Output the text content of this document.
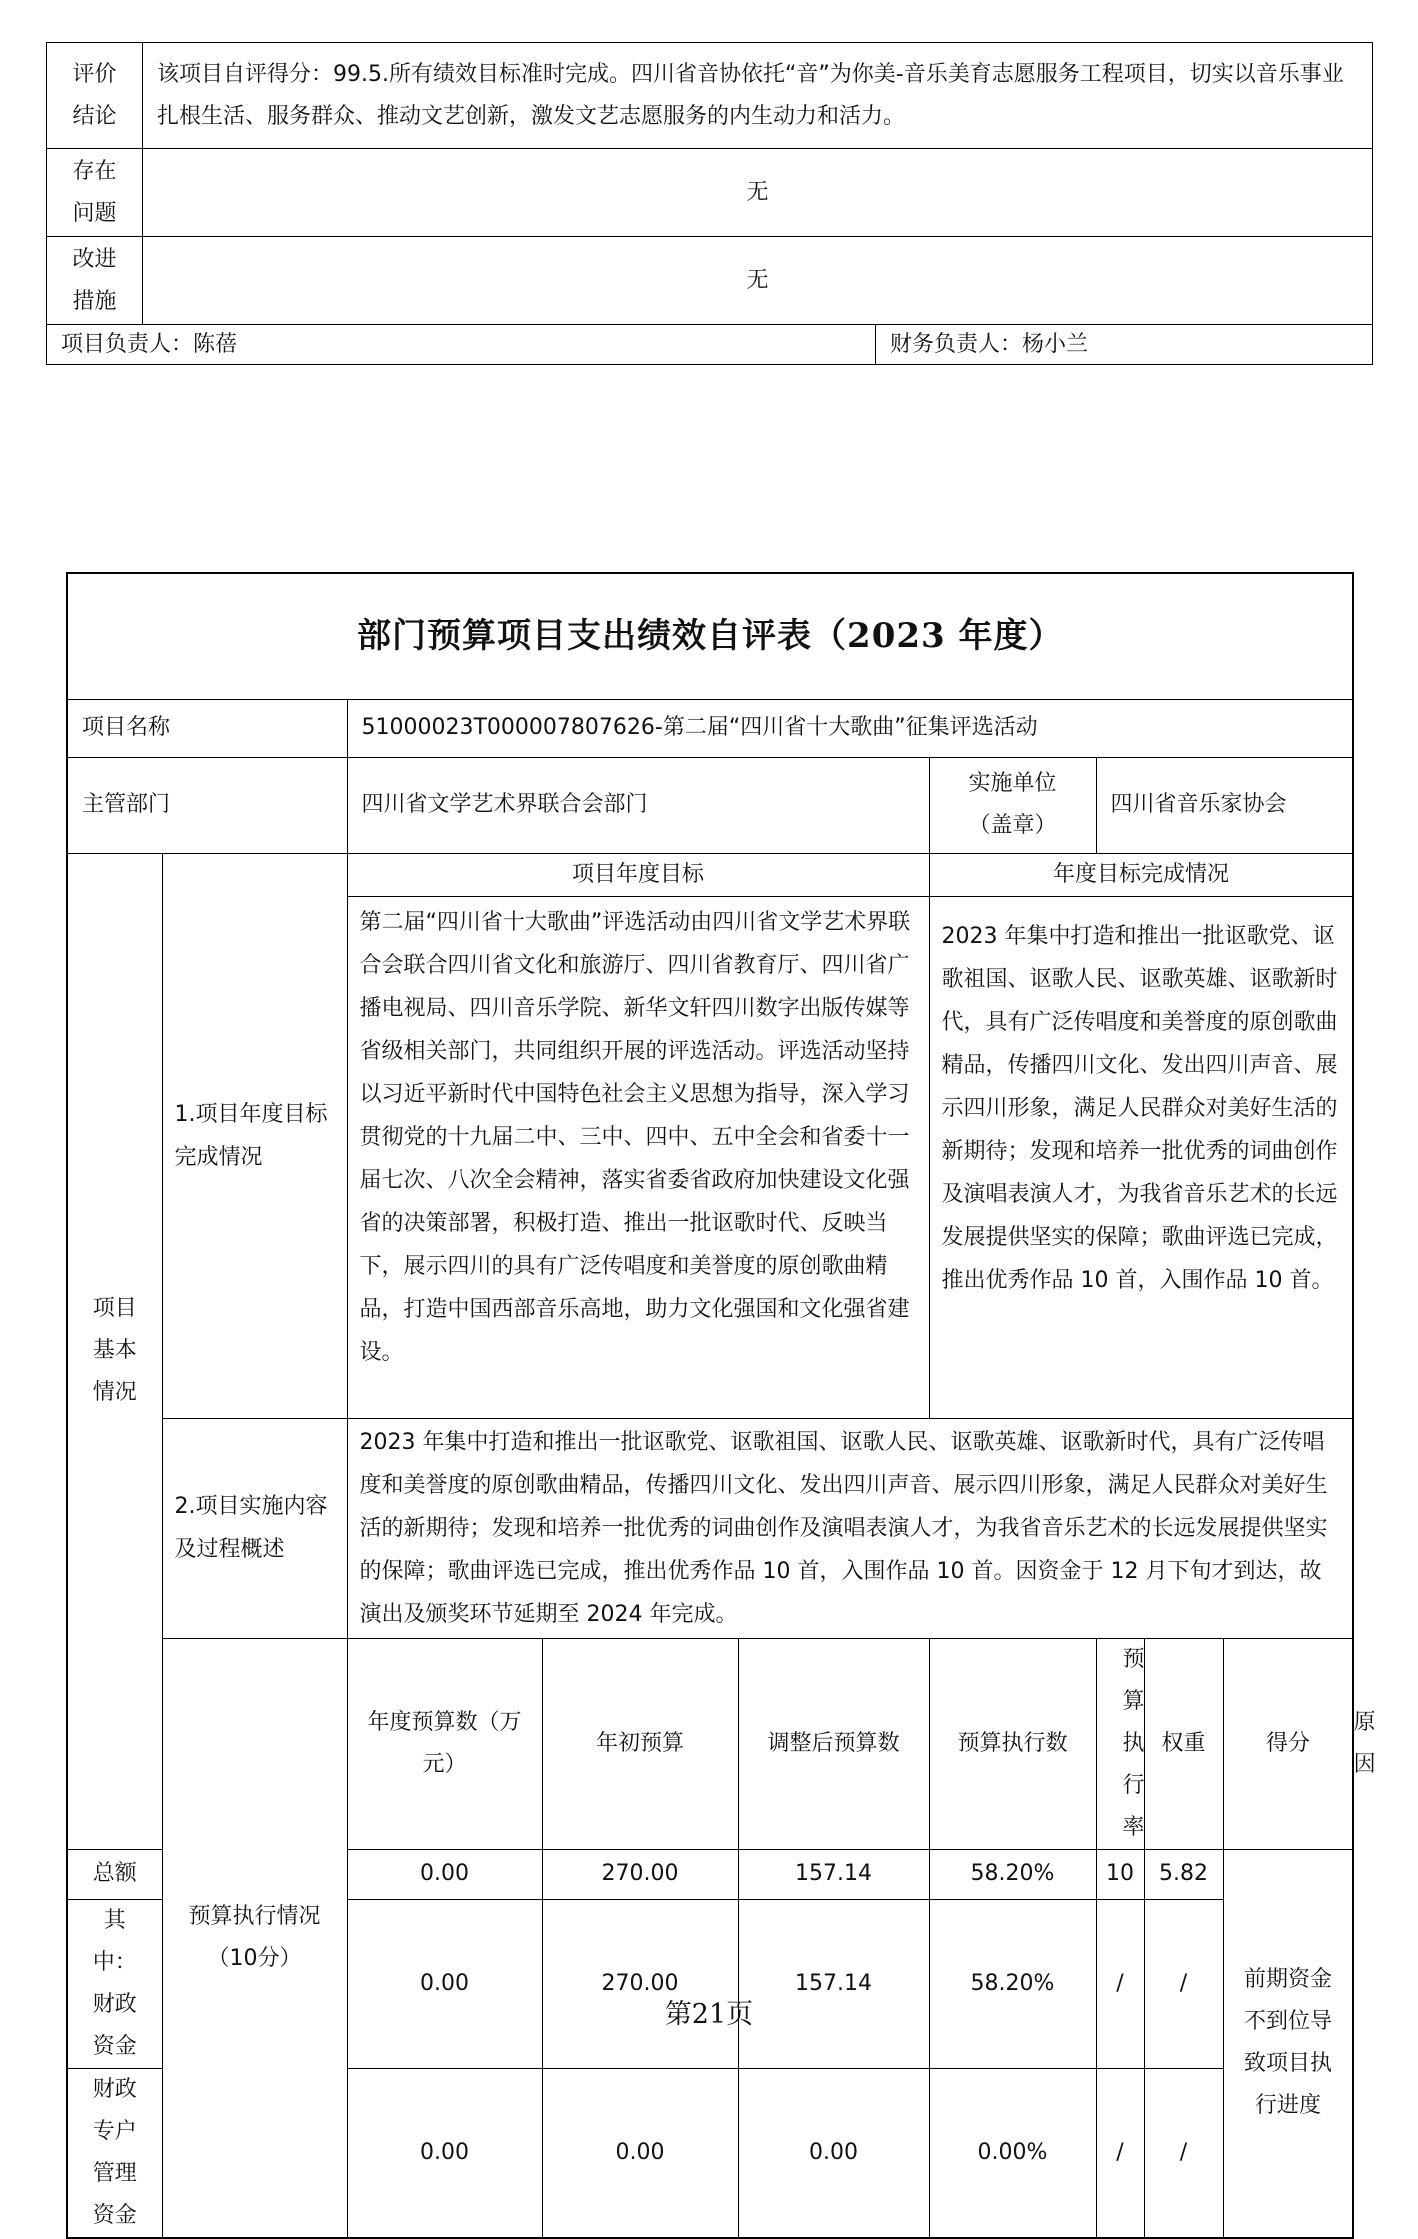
评价结论	该项目自评得分：99.5.所有绩效目标准时完成。四川省音协依托“音”为你美-音乐美育志愿服务工程项目，切实以音乐事业扎根生活、服务群众、推动文艺创新，激发文艺志愿服务的内生动力和活力。	
存在问题	无	
改进措施	无	
项目负责人：陈蓓		财务负责人：杨小兰
部门预算项目支出绩效自评表（2023 年度）									
项目名称		51000023T000007807626-第二届“四川省十大歌曲”征集评选活动							
主管部门		四川省文学艺术界联合会部门			实施单位（盖章）	四川省音乐家协会			
项目基本情况	1.项目年度目标完成情况	项目年度目标			年度目标完成情况				
		第二届“四川省十大歌曲”评选活动由四川省文学艺术界联合会联合四川省文化和旅游厅、四川省教育厅、四川省广播电视局、四川音乐学院、新华文轩四川数字出版传媒等省级相关部门，共同组织开展的评选活动。评选活动坚持以习近平新时代中国特色社会主义思想为指导，深入学习贯彻党的十九届二中、三中、四中、五中全会和省委十一届七次、八次全会精神，落实省委省政府加快建设文化强省的决策部署，积极打造、推出一批讴歌时代、反映当下，展示四川的具有广泛传唱度和美誉度的原创歌曲精品，打造中国西部音乐高地，助力文化强国和文化强省建设。			2023 年集中打造和推出一批讴歌党、讴歌祖国、讴歌人民、讴歌英雄、讴歌新时代，具有广泛传唱度和美誉度的原创歌曲精品，传播四川文化、发出四川声音、展示四川形象，满足人民群众对美好生活的新期待；发现和培养一批优秀的词曲创作及演唱表演人才，为我省音乐艺术的长远发展提供坚实的保障；歌曲评选已完成，推出优秀作品 10 首，入围作品 10 首。				
	2.项目实施内容及过程概述	2023 年集中打造和推出一批讴歌党、讴歌祖国、讴歌人民、讴歌英雄、讴歌新时代，具有广泛传唱度和美誉度的原创歌曲精品，传播四川文化、发出四川声音、展示四川形象，满足人民群众对美好生活的新期待；发现和培养一批优秀的词曲创作及演唱表演人才，为我省音乐艺术的长远发展提供坚实的保障；歌曲评选已完成，推出优秀作品 10 首，入围作品 10 首。因资金于 12 月下旬才到达，故演出及颁奖环节延期至 2024 年完成。							
	预算执行情况（10分）	年度预算数（万元）	年初预算	调整后预算数	预算执行数	预算执行率	权重	得分	原因
总额		0.00	270.00	157.14	58.20%	10	5.82	前期资金不到位导致项目执行进度	
其中：财政资金		0.00	270.00	157.14	58.20%	/	/		
财政专户管理资金		0.00	0.00	0.00	0.00%	/	/		
第21页
